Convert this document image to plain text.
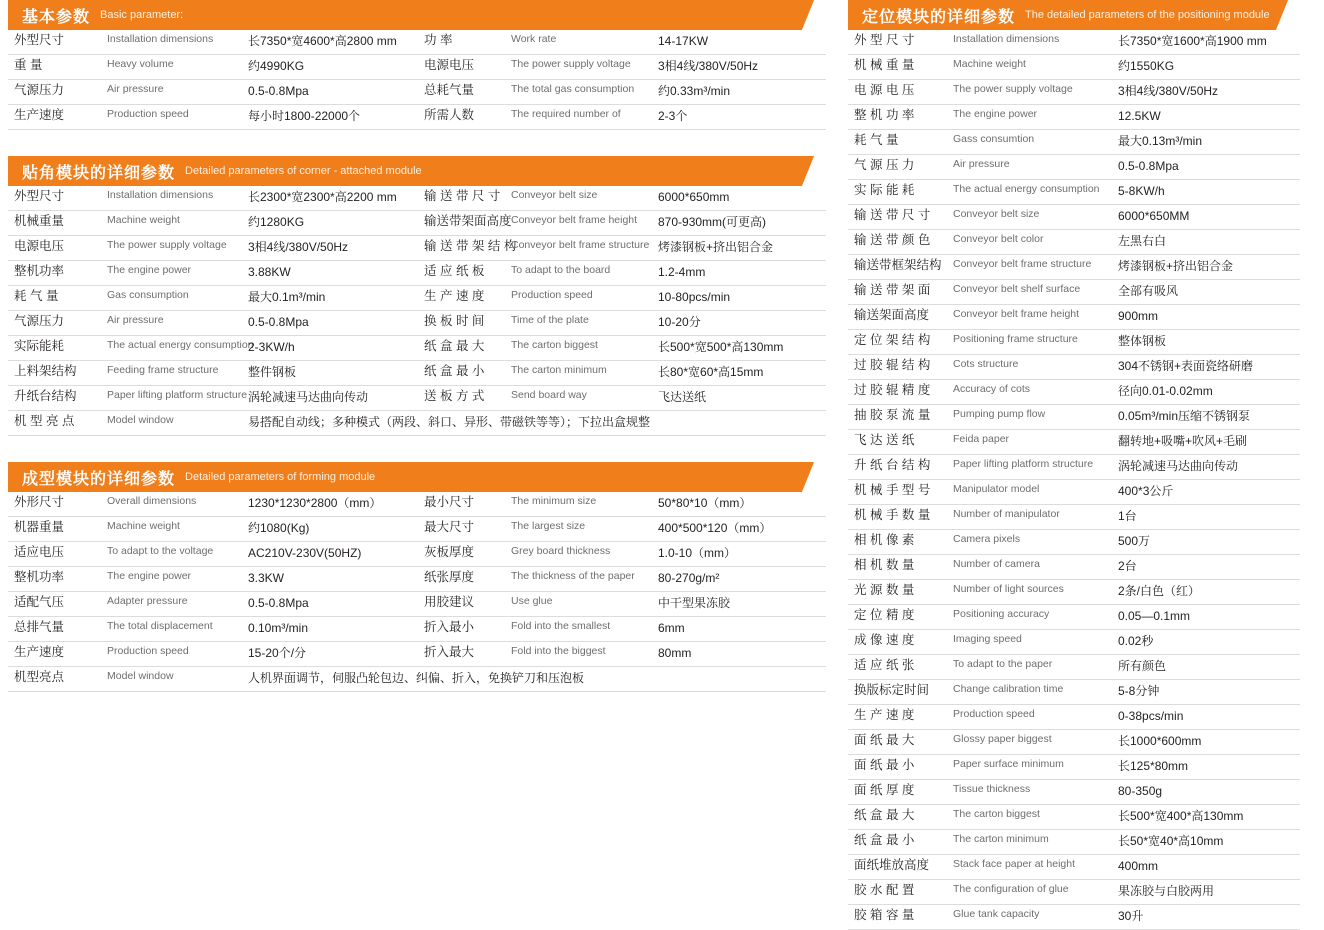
基本参数 Basic parameter:
外型尺寸	Installation dimensions	长7350*宽4600*高2800 mm	功 率	Work rate	14-17KW

重 量	Heavy volume	约4990KG	电源电压	The power supply voltage	3相4线/380V/50Hz

气源压力	Air pressure	0.5-0.8Mpa	总耗气量	The total gas consumption	约0.33m³/min

生产速度	Production speed	每小时1800-22000个	所需人数	The required number of	2-3个
贴角模块的详细参数 Detailed parameters of corner - attached module
外型尺寸	Installation dimensions	长2300*宽2300*高2200 mm	输 送 带 尺 寸	Conveyor belt size	6000*650mm

机械重量	Machine weight	约1280KG	输送带架面高度	Conveyor belt frame height	870-930mm(可更高)

电源电压	The power supply voltage	3相4线/380V/50Hz	输 送 带 架 结 构	Conveyor belt frame structure	烤漆钢板+挤出铝合金

整机功率	The engine power	3.88KW	适 应 纸 板	To adapt to the board	1.2-4mm

耗 气 量	Gas consumption	最大0.1m³/min	生 产 速 度	Production speed	10-80pcs/min

气源压力	Air pressure	0.5-0.8Mpa	换 板 时 间	Time of the plate	10-20分

实际能耗	The actual energy consumption	2-3KW/h	纸 盒 最 大	The carton biggest	长500*宽500*高130mm

上料架结构	Feeding frame structure	整件钢板	纸 盒 最 小	The carton minimum	长80*宽60*高15mm

升纸台结构	Paper lifting platform structure	涡轮减速马达曲向传动	送 板 方 式	Send board way	飞达送纸

机 型 亮 点	Model window	易搭配自动线；多种模式（两段、斜口、异形、带磁铁等等）；下拉出盒规整			
成型模块的详细参数 Detailed parameters of forming module
外形尺寸	Overall dimensions	1230*1230*2800（mm）	最小尺寸	The minimum size	50*80*10（mm）

机器重量	Machine weight	约1080(Kg)	最大尺寸	The largest size	400*500*120（mm）

适应电压	To adapt to the voltage	AC210V-230V(50HZ)	灰板厚度	Grey board thickness	1.0-10（mm）

整机功率	The engine power	3.3KW	纸张厚度	The thickness of the paper	80-270g/m²

适配气压	Adapter pressure	0.5-0.8Mpa	用胶建议	Use glue	中干型果冻胶

总排气量	The total displacement	0.10m³/min	折入最小	Fold into the smallest	6mm

生产速度	Production speed	15-20个/分	折入最大	Fold into the biggest	80mm

机型亮点	Model window	人机界面调节，伺服凸轮包边、纠偏、折入，免换铲刀和压泡板			
定位模块的详细参数 The detailed parameters of the positioning module
外 型 尺 寸	Installation dimensions	长7350*宽1600*高1900 mm

机 械 重 量	Machine weight	约1550KG

电 源 电 压	The power supply voltage	3相4线/380V/50Hz

整 机 功 率	The engine power	12.5KW

耗 气 量	Gass consumtion	最大0.13m³/min

气 源 压 力	Air pressure	0.5-0.8Mpa

实 际 能 耗	The actual energy consumption	5-8KW/h

输 送 带 尺 寸	Conveyor belt size	6000*650MM

输 送 带 颜 色	Conveyor belt color	左黑右白

输送带框架结构	Conveyor belt frame structure	烤漆钢板+挤出铝合金

输 送 带 架 面	Conveyor belt shelf surface	全部有吸风

输送架面高度	Conveyor belt frame height	900mm

定 位 架 结 构	Positioning frame structure	整体钢板

过 胶 辊 结 构	Cots structure	304不锈钢+表面瓷络研磨

过 胶 辊 精 度	Accuracy of cots	径向0.01-0.02mm

抽 胶 泵 流 量	Pumping pump flow	0.05m³/min压缩不锈钢泵

飞 达 送 纸	Feida paper	翻转地+吸嘴+吹风+毛刷

升 纸 台 结 构	Paper lifting platform structure	涡轮减速马达曲向传动

机 械 手 型 号	Manipulator model	400*3公斤

机 械 手 数 量	Number of manipulator	1台

相 机 像 素	Camera pixels	500万

相 机 数 量	Number of camera	2台

光 源 数 量	Number of light sources	2条/白色（红）

定 位 精 度	Positioning accuracy	0.05—0.1mm

成 像 速 度	Imaging speed	0.02秒

适 应 纸 张	To adapt to the paper	所有颜色

换版标定时间	Change calibration time	5-8分钟

生 产 速 度	Production speed	0-38pcs/min

面 纸 最 大	Glossy paper biggest	长1000*600mm

面 纸 最 小	Paper surface minimum	长125*80mm

面 纸 厚 度	Tissue thickness	80-350g

纸 盒 最 大	The carton biggest	长500*宽400*高130mm

纸 盒 最 小	The carton minimum	长50*宽40*高10mm

面纸堆放高度	Stack face paper at height	400mm

胶 水 配 置	The configuration of glue	果冻胶与白胶两用

胶 箱 容 量	Glue tank capacity	30升
